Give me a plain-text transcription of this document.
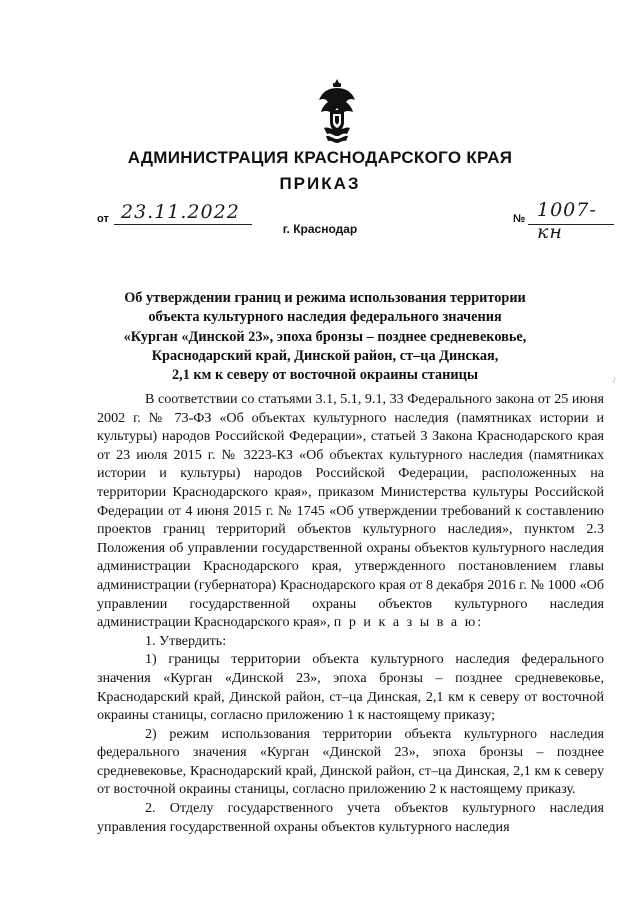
АДМИНИСТРАЦИЯ КРАСНОДАРСКОГО КРАЯ
ПРИКАЗ
от 23.11.2022	№ 1007-кн
г. Краснодар
Об утверждении границ и режима использования территории
объекта культурного наследия федерального значения
«Курган «Динской 23», эпоха бронзы – позднее средневековье,
Краснодарский край, Динской район, ст–ца Динская,
2,1 км к северу от восточной окраины станицы	/

В соответствии со статьями 3.1, 5.1, 9.1, 33 Федерального закона от 25 июня 2002 г. № 73-ФЗ «Об объектах культурного наследия (памятниках истории и культуры) народов Российской Федерации», статьей 3 Закона Краснодарского края от 23 июля 2015 г. № 3223-КЗ «Об объектах культурного наследия (памятниках истории и культуры) народов Российской Федерации, расположенных на территории Краснодарского края», приказом Министерства культуры Российской Федерации от 4 июня 2015 г. № 1745 «Об утверждении требований к составлению проектов границ территорий объектов культурного наследия», пунктом 2.3 Положения об управлении государственной охраны объектов культурного наследия администрации Краснодарского края, утвержденного постановлением главы администрации (губернатора) Краснодарского края от 8 декабря 2016 г. № 1000 «Об управлении государственной охраны объектов культурного наследия администрации Краснодарского края», п р и к а з ы в а ю:

1. Утвердить:

1) границы территории объекта культурного наследия федерального значения «Курган «Динской 23», эпоха бронзы – позднее средневековье, Краснодарский край, Динской район, ст–ца Динская, 2,1 км к северу от восточной окраины станицы, согласно приложению 1 к настоящему приказу;

2) режим использования территории объекта культурного наследия федерального значения «Курган «Динской 23», эпоха бронзы – позднее средневековье, Краснодарский край, Динской район, ст–ца Динская, 2,1 км к северу от восточной окраины станицы, согласно приложению 2 к настоящему приказу.

2. Отделу государственного учета объектов культурного наследия управления государственной охраны объектов культурного наследия
